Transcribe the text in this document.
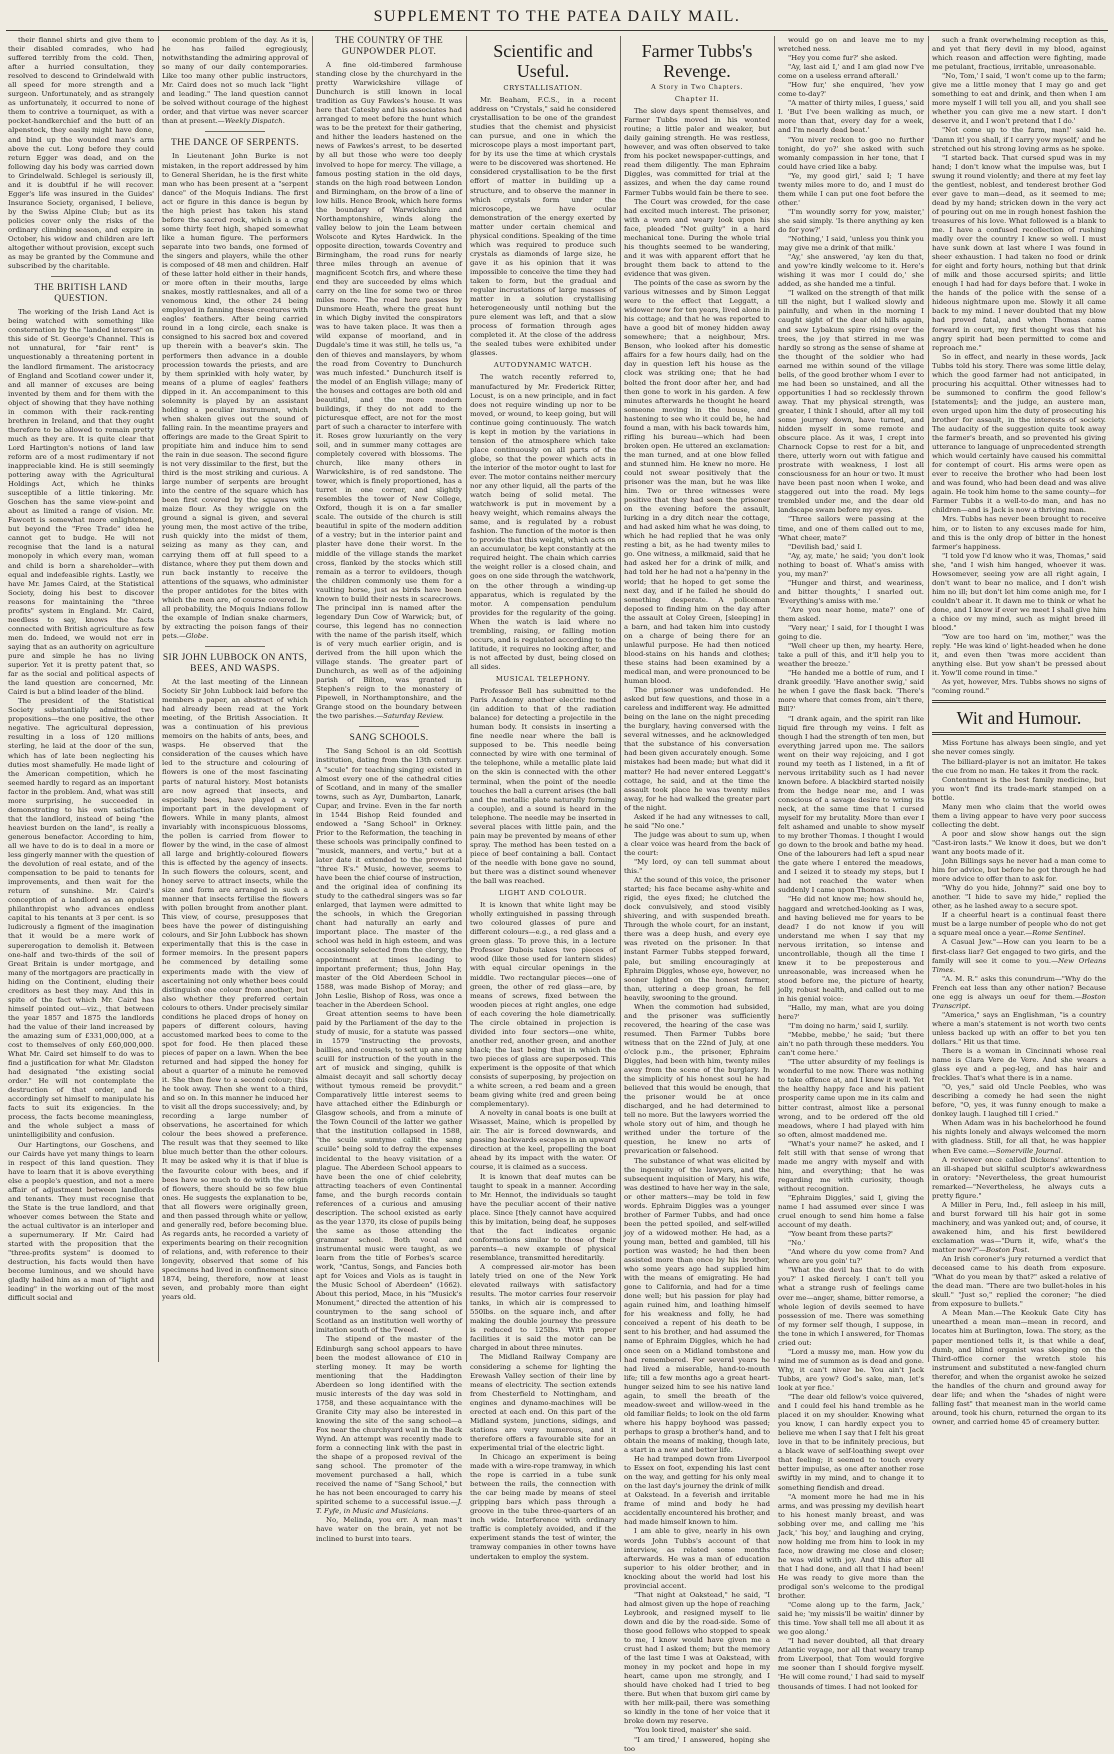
SUPPLEMENT TO THE PATEA DAILY MAIL.

their flannel shirts and give them to their disabled comrades, who had suffered terribly from the cold. Then, after a hurried consultation, they resolved to descend to Grindelwald with all speed for more strength and a surgeon. Unfortunately, and as strangely as unfortunately, it occurred to none of them to contrive a tourniquet, as with a pocket-handkerchief and the butt of an alpenstock, they easily might have done, and bind up the wounded man's arm above the cut. Long before they could return Egger was dead, and on the following day his body was carried down to Grindelwald. Schlegel is seriously ill, and it is doubtful if he will recover. Egger's life was insured in the Guides' Insurance Society, organised, I believe, by the Swiss Alpine Club; but as its policies cover only the risks of the ordinary climbing season, and expire in October, his widow and children are left altogether without provision, except such as may be granted by the Commune and subscribed by the charitable.

THE BRITISH LAND QUESTION.

The working of the Irish Land Act is being watched with something like consternation by the "landed interest" on this side of St. George's Channel. This is not unnatural, for "fair rent" is unquestionably a threatening portent in the landlord firmament. The aristocracy of England and Scotland cower under it, and all manner of excuses are being invented by them and for them with the object of showing that they have nothing in common with their rack-renting brethren in Ireland, and that they ought therefore to be allowed to remain pretty much as they are. It is quite clear that Lord Hartington's notions of land law reform are of a most rudimentary if not inappreciable kind. He is still seemingly pottering away with the Agricultural Holdings Act, which he thinks susceptible of a little tinkering. Mr. Goschen has the same view-point and about as limited a range of vision. Mr. Fawcett is somewhat more enlightened, but beyond the "Free Trade" idea he cannot get to budge. He will not recognise that the land is a natural monopoly in which every man, woman and child is born a shareholder—with equal and indefeasible rights. Lastly, we have Mr. James Caird, at the Statistical Society, doing his best to discover reasons for maintaining the "three profits" system in England. Mr. Caird, needless to say, knows the facts connected with British agriculture as few men do. Indeed, we would not err in saying that as an authority on agriculture pure and simple he has no living superior. Yet it is pretty patent that, so far as the social and political aspects of the land question are concerned, Mr. Caird is but a blind leader of the blind.

The president of the Statistical Society substantially admitted two propositions—the one positive, the other negative. The agricultural depression, resulting in a loss of 120 millions sterling, he laid at the door of the sun, which has of late been neglecting his duties most shamefully. He made light of the American competition, which he seemed hardly to regard as an important factor in the problem. And, what was still more surprising, he succeeded in demonstrating to his own satisfaction that the landlord, instead of being "the heaviest burden on the land", is really a generous benefactor. According to him, all we have to do is to deal in a more or less gingerly manner with the question of the devolution of real estate, and of the compensation to be paid to tenants for improvements, and then wait for the return of sunshine. Mr. Caird's conception of a landlord as an opulent philanthropist who advances endless capital to his tenants at 3 per cent. is so ludicrously a figment of the imagination that it would be a mere work of supererogation to demolish it. Between one-half and two-thirds of the soil of Great Britain is under mortgage, and many of the mortgagors are practically in hiding on the Continent, eluding their creditors as best they may. And this in spite of the fact which Mr. Caird has himself pointed out—viz., that between the year 1857 and 1875 the landlords had the value of their land increased by the amazing sum of £331,000,000, at a cost to themselves of only £60,000,000. What Mr. Caird set himself to do was to find a justification for what Mr. Gladston had designated "the existing social order." He will not contemplate the destruction of that order, and he accordingly set himself to manipulate his facts to suit its exigencies. In the process, the facts become meaningless, and the whole subject a mass of unintelligibility and confusion.

Our Hartingtons, our Goschens, and our Cairds have yet many things to learn in respect of this land question. They have to learn that it is above everything else a people's question, and not a mere affair of adjustment between landlords and tenants. They must recognise that the State is the true landlord, and that whoever comes between the State and the actual cultivator is an interloper and a supernumerary. If Mr. Caird had started with the proposition that the "three-profits system" is doomed to destruction, his facts would then have become luminous, and we should have gladly hailed him as a man of "light and leading" in the working out of the most difficult social and

economic problem of the day. As it is, he has failed egregiously, notwithstanding the admiring approval of so many of our daily contemporaries. Like too many other public instructors, Mr. Caird does not so much lack "light and leading." The land question cannot be solved without courage of the highest order, and that virtue was never scarcer than at present.—Weekly Dispatch.

THE DANCE OF SERPENTS.

In Lieutenant John Burke is not mistaken, in the report addressed by him to General Sheridan, he is the first white man who has been present at a "serpent dance" of the Moquis Indians. The first act or figure in this dance is begun by the high priest has taken his stand before the sacred rock, which is a crag some thirty feet high, shaped somewhat like a human figure. The performers separate into two bands, one formed of the singers and players, while the other is composed of 48 men and children. Half of these latter hold either in their hands, or more often in their mouths, large snakes, mostly rattlesnakes, and all of a venomous kind, the other 24 being employed in fanning these creatures with eagles' feathers. After being carried round in a long circle, each snake is consigned to his sacred box and covered up therein with a beaver's skin. The performers then advance in a double procession towards the priests, and are by them sprinkled with holy water, by means of a plume of eagles' feathers dipped in it. An accompaniment to this solemnity is played by an assistant holding a peculiar instrument, which when shaken gives out the sound of falling rain. In the meantime prayers and offerings are made to the Great Spirit to propitiate him and induce him to send the rain in due season. The second figure is not very dissimilar to the first, but the third is the most striking and curious. A large number of serpents are brought into the centre of the square which has been first covered by the squaws with maize flour. As they wriggle on the ground a signal is given, and several young men, the most active of the tribe, rush quickly into the midst of them, seizing as many as they can, and carrying them off at full speed to a distance, where they put them down and run back instantly to receive the attentions of the squaws, who administer the proper antidotes for the bites with which the men are, of course covered. In all probability, the Moquis Indians follow the example of Indian snake charmers, by extracting the poison fangs of their pets.—Globe.

SIR JOHN LUBBOCK ON ANTS, BEES, AND WASPS.

At the last meeting of the Linnean Society Sir John Lubbock laid before the members a paper, an abstract of which had already been read at the York meeting, of the British Association. It was a continuation of his previous memoirs on the habits of ants, bees, and wasps. He observed that the consideration of the causes which have led to the structure and colouring of flowers is one of the most fascinating parts of natural history. Most botanists are now agreed that insects, and especially bees, have played a very important part in the development of flowers. While in many plants, almost invariably with inconspicuous blossoms, the pollen is carried from flower to flower by the wind, in the case of almost all large and brightly-coloured flowers this is effected by the agency of insects. In such flowers the colours, scent, and honey serve to attract insects, while the size and form are arranged in such a manner that insects fertilise the flowers with pollen brought from another plant. This view, of course, presupposes that bees have the power of distinguishing colours, and Sir John Lubbock has shown experimentally that this is the case in former memoirs. In the present papers he commenced by detailing some experiments made with the view of ascertaining not only whether bees could distinguish one colour from another, but also whether they preferred certain colours to others. Under precisely similar conditions he placed drops of honey on papers of different colours, having accustomed marked bees to come to the spot for food. He then placed these pieces of paper on a lawn. When the bee returned and had sipped the honey for about a quarter of a minute he removed it. She then flew to a second colour; this he took away. Then she went to a third, and so on. In this manner he induced her to visit all the drops successively; and, by recording a large number of observations, he ascertained for which colour the bees showed a preference. The result was that they seemed to like blue much better than the other colours. It may be asked why it is that if blue is the favourite colour with bees, and if bees have so much to do with the origin of flowers, there should be so few blue ones. He suggests the explanation to be, that all flowers were originally green, and then passed through white or yellow, and generally red, before becoming blue. As regards ants, he recorded a variety of experiments bearing on their recognition of relations, and, with reference to their longevity, observed that some of his specimens had lived in confinement since 1874, being, therefore, now at least seven, and probably more than eight years old.

THE COUNTRY OF THE GUNPOWDER PLOT.

A fine old-timbered farmhouse standing close by the churchyard in the pretty Warwickshire village of Dunchurch is still known in local tradition as Guy Fawkes's house. It was here that Catesby and his associates had arranged to meet before the hunt which was to be the pretext for their gathering, and hither the leaders hastened on the news of Fawkes's arrest, to be deserted by all but those who were too deeply involved to hope for mercy. The village, a famous posting station in the old days, stands on the high road between London and Birmingham, on the brow of a line of low hills. Hence Brook, which here forms the boundary of Warwickshire and Northamptonshire, winds along the valley below to join the Leam between Wolscote and Kytes Hardwick. In the opposite direction, towards Coventry and Birmingham, the road runs for nearly three miles through an avenue of magnificent Scotch firs, and where these end they are succeeded by elms which carry on the line for some two or three miles more. The road here passes by Dunsmore Heath, where the great hunt in which Digby invited the conspirators was to have taken place. It was then a wild expanse of moorland, and in Dugdale's time it was still, he tells us, "a den of thieves and manslayers, by whom the road from Coventry to Dunchurch was much infested." Dunchurch itself is the model of an English village; many of the houses and cottages are both old and beautiful, and the more modern buildings, if they do not add to the picturesque effect, are not for the most part of such a character to interfere with it. Roses grow luxuriantly on the very soil, and in summer many cottages are completely covered with blossoms. The church, like many others in Warwickshire, is of red sandstone. The tower, which is finely proportioned, has a turret in one corner, and slightly resembles the tower of New College, Oxford, though it is on a far smaller scale. The outside of the church is still beautiful in spite of the modern addition of a vestry; but in the interior paint and plaster have done their worst. In the middle of the village stands the market cross, flanked by the stocks which still remain as a terror to evildoers, though the children commonly use them for a vaulting horse, just as birds have been known to build their nests in scarecrows. The principal inn is named after the legendary Dun Cow of Warwick; but, of course, this legend has no connection with the name of the parish itself, which is of very much earlier origin, and is derived from the hill upon which the village stands. The greater part of Dunchurch, as well as of the adjoining parish of Bilton, was granted in Stephen's reign to the monastery of Pipewell, in Northamptonshire, and the Grange stood on the boundary between the two parishes.—Saturday Review.

SANG SCHOOLS.

The Sang School is an old Scottish institution, dating from the 13th century. A "scule" for teaching singing existed in almost every one of the cathedral cities of Scotland, and in many of the smaller towns, such as Ayr, Dumbarton, Lanark, Cupar, and Irvine. Even in the far north in 1544 Bishop Reid founded and endowed a "Sang School" in Orkney. Prior to the Reformation, the teaching in these schools was principally confined to "musick, manners, and vertu," but at a later date it extended to the proverbial "three R's." Music, however, seems to have been the chief course of instruction, and the original idea of confining its study to the cathedral singers was so far enlarged, that laymen were admitted to the schools, in which the Gregorian chant had naturally an early and important place. The master of the school was held in high esteem, and was occasionally selected from the clergy, the appointment at times leading to important preferment; thus, John Hay, master of the Old Aberdeen School in 1588, was made Bishop of Moray; and John Leslie, Bishop of Ross, was once a teacher in the Aberdeen School.

Great attention seems to have been paid by the Parliament of the day to the study of music, for a statute was passed in 1579 "instructing the provosts, baillies, and counsels, to sett up ane sang scuill for instruction of the youth in the art of musick and singing, quhilk is almaist decayit and sall schortly decay without tymous remeid be provydit." Comparatively little interest seems to have attached either the Edinburgh or Glasgow schools, and from a minute of the Town Council of the latter we gather that the institution collapsed in 1588, "the scuile sumtyme callit the sang scuile" being sold to defray the expenses incidental to the heavy visitation of a plague. The Aberdeen School appears to have been the one of chief celebrity, attracting teachers of even Continental fame, and the burgh records contain references of a curious and amusing description. The school existed as early as the year 1370, its close of pupils being the same as those attending the grammar school. Both vocal and instrumental music were taught, as we learn from the title of Forbes's scarce work, "Cantus, Songs, and Fancies both apt for Voices and Viols as is taught in the Music School of Aberdeen" (1662). About this period, Mace, in his "Musick's Monument," directed the attention of his countrymen to the sang school of Scotland as an institution well worthy of imitation south of the Tweed.

The stipend of the master of the Edinburgh sang school appears to have been the modest allowance of £10 in sterling money. It may be worth mentioning that the Haddington Aberdeen so long identified with the music interests of the day was sold in 1758, and these acquaintance with the Granite City may also be interested in knowing the site of the sang school—a Fox near the churchyard wall in the Back Wynd. An attempt was recently made to form a connecting link with the past in the shape of a proposed revival of the sang school. The promoter of the movement purchased a hall, which received the name of "Sang School," but he has not been encouraged to carry his spirited scheme to a successful issue.—J. T. Fyfe, in Music and Musicians.

No, Melinda, you err. A man mas't have water on the brain, yet not be inclined to burst into tears.

Scientific and Useful.
CRYSTALLISATION.

Mr. Beaham, F.C.S., in a recent address on "Crystals," said he considered crystallisation to be one of the grandest studies that the chemist and physicist can pursue, and one in which the microscope plays a most important part, for by its use the time at which crystals were to be discovered was shortened. He considered crystallisation to be the first effort of matter in building up a structure, and to observe the manner in which crystals form under the microscope, we have ocular demonstration of the energy exerted by matter under certain chemical and physical conditions. Speaking of the time which was required to produce such crystals as diamonds of large size, he gave it as his opinion that it was impossible to conceive the time they had taken to form, but the gradual and regular incrustations of large masses of matter in a solution crystallising heterogeneously until nothing but the pure element was left, and that a slow process of formation through ages completed it. At the close of the address the sealed tubes were exhibited under glasses.

AUTODYNAMIC WATCH.

The watch recently referred to, manufactured by Mr. Frederick Ritter, Locust, is on a new principle, and in fact does not require winding up nor to be moved, or wound, to keep going, but will continue going continuously. The watch is kept in motion by the variations in tension of the atmosphere which take place continuously on all parts of the globe, so that the power which acts in the interior of the motor ought to last for ever. The motor contains neither mercury nor any other liquid, all the parts of the watch being of solid metal. The watchwork is put in movement by a heavy weight, which remains always the same, and is regulated by a robust fashion. The function of the motor is then to provide that this weight, which acts on an accumulator, be kept constantly at the required height. The chain which carries the weight roller is a closed chain, and goes on one side through the watchwork, on the other through a winding-up apparatus, which is regulated by the motor. A compensation pendulum provides for the regularity of the going. When the watch is laid where no trembling, raising, or falling motion occurs, and is regulated according to the latitude, it requires no looking after, and is not affected by dust, being closed on all sides.

MUSICAL TELEPHONY.

Professor Bell has submitted to the Paris Academy another electric method (in addition to that of the radiation balance) for detecting a projectile in the human body. It consists in inserting a fine needle near where the ball is supposed to be. This needle being connected by wire with one terminal of the telephone, while a metallic plate laid on the skin is connected with the other terminal, when the point of the needle touches the ball a current arises (the ball and the metallic plate naturally forming a couple), and a sound is heard in the telephone. The needle may be inserted in several places with little pain, and the pain may be prevented by means of ether spray. The method has been tested on a piece of beef containing a ball. Contact of the needle with bone gave no sound, but there was a distinct sound whenever the ball was reached.

LIGHT AND COLOUR.

It is known that white light may be wholly extinguished in passing through two coloured glasses of pure and different colours—e.g., a red glass and a green glass. To prove this, in a lecture Professor Dubois takes two pieces of wood (like those used for lantern slides) with equal circular openings in the middle. Two rectangular pieces—one of green, the other of red glass—are, by means of screws, fixed between the wooden pieces at right angles, one edge of each covering the hole diametrically. The circle obtained in projection is divided into four sectors—one white, another red, another green, and another black; the last being that in which the two pieces of glass are superposed. This experiment is the opposite of that which consists of superposing, by projection on a white screen, a red beam and a green beam giving white (red and green being complementary).

A novelty in canal boats is one built at Wisasset, Maine, which is propelled by air. The air is forced downwards, and passing backwards escapes in an upward direction at the keel, propelling the boat ahead by its impact with the water. Of course, it is claimed as a success.

It is known that deaf mutes can be taught to speak in a manner. According to Mr. Hennot, the individuals so taught have the peculiar accent of their native place. Since [the]y cannot have acquired this by imitation, being deaf, he supposes that the fact indicates organic conformations similar to those of their parents—a new example of physical resemblance, transmitted hereditarily.

A compressed air-motor has been lately tried on one of the New York elevated railways with satisfactory results. The motor carries four reservoir tanks, in which air is compressed to 550lbs. on the square inch, and after making the double journey the pressure is reduced to 125lbs. With proper facilities it is said the motor can be charged in about three minutes.

The Midland Railway Company are considering a scheme for lighting the Erewash Valley section of their line by means of electricity. The section extends from Chesterfield to Nottingham, and engines and dynamo-machines will be erected at each end. On this part of the Midland system, junctions, sidings, and stations are very numerous, and it therefore offers a favourable site for an experimental trial of the electric light.

In Chicago an experiment is being made with a wire-rope tramway, in which the rope is carried in a tube sunk between the rails, the connection with the car being made by means of steel gripping bars which pass through a groove in the tube three-quarters of an inch wide. Interference with ordinary traffic is completely avoided, and if the experiment stands the test of winter, the tramway companies in other towns have undertaken to employ the system.

Farmer Tubbs's Revenge.
A Story in Two Chapters.
Chapter II.

The slow days spent themselves, and Farmer Tubbs moved in his wonted routine; a little paler and weaker, but daily gaining strength. He was restless, however, and was often observed to take from his pocket newspaper-cuttings, and read them diligently. The man Ephraim Diggles, was committed for trial at the assizes, and when the day came round Farmer Tubbs would fain be there to see.

The Court was crowded, for the case had excited much interest. The prisoner, with a worn and weary look upon his face, pleaded "Not guilty" in a hard mechanical tone. During the whole trial his thoughts seemed to be wandering, and it was with apparent effort that he brought them back to attend to the evidence that was given.

The points of the case as sworn by the various witnesses and by Simon Leggat were to the effect that Leggatt, a widower now for ten years, lived alone in his cottage; and that he was reported to have a good bit of money hidden away somewhere; that a neighbour, Mrs. Benson, who looked after his domestic affairs for a few hours daily, had on the day in question left his house as the clock was striking one; that he had bolted the front door after her, and had then gone to work in his garden. A few minutes afterwards he thought he heard someone moving in the house, and hastening to see who it could be, he had found a man, with his back towards him, rifling his bureau—which had been broken open. He uttered an exclamation: the man turned, and at one blow felled and stunned him. He knew no more. He could not swear positively that the prisoner was the man, but he was like him. Two or three witnesses were positive that they had seen the prisoner on the evening before the assault, lurking in a dry ditch near the cottage, and had asked him what he was doing, to which he had replied that he was only resting a bit, as he had twenty miles to go. One witness, a milkmaid, said that he had asked her for a drink of milk, and had told her he had not a ha'penny in the world; that he hoped to get some the next day, and if he failed he should do something desperate. A policeman deposed to finding him on the day after the assault at Coley Green, [sleeping] in a barn, and had taken him into custody on a charge of being there for an unlawful purpose. He had then noticed blood-stains on his hands and clothes; these stains had been examined by a medical man, and were pronounced to be human blood.

The prisoner was undefended. He asked but few questions, and those in a careless and indifferent way. He admitted being on the lane on the night preceding the burglary, having conversed with the several witnesses, and he acknowledged that the substance of his conversation had been given accurately enough. Some mistakes had been made; but what did it matter? He had never entered Leggatt's cottage, he said, and at the time the assault took place he was twenty miles away, for he had walked the greater part of the night.

Asked if he had any witnesses to call, he said "No one."

The judge was about to sum up, when a clear voice was heard from the back of the court:

"My lord, oy can tell summat about this."

At the sound of this voice, the prisoner started; his face became ashy-white and rigid, the eyes fixed; he clutched the dock convulsively, and stood visibly shivering, and with suspended breath. Through the whole court, for an instant, there was a deep hush, and every eye was riveted on the prisoner. In that instant Farmer Tubbs stepped forward, pale, but smiling encouragingly at Ephraim Diggles, whose eye, however, no sooner lighted on the honest farmer, than, uttering a deep groan, he fell heavily, swooning to the ground.

When the commotion had subsided, and the prisoner was sufficiently recovered, the hearing of the case was resumed. Then Farmer Tubbs bore witness that on the 22nd of July, at one o'clock p.m., the prisoner, Ephraim Diggles, had been with him, twenty miles away from the scene of the burglary. In the simplicity of his honest soul he had believed that this would be enough, that the prisoner would be at once discharged, and he had determined to tell no more. But the lawyers worried the whole story out of him, and though he writhed under the torture of the question, he knew no arts of prevarication or falsehood.

The substance of what was elicited by the ingenuity of the lawyers, and the subsequent inquisition of Mary, his wife, was destined to have her way in the sale, or other matters—may be told in few words. Ephraim Diggles was a younger brother of Farmer Tubbs, and had once been the petted spoiled, and self-willed joy of a widowed mother. He had, as a young man, betted and gambled, till his portion was wasted; he had then been assisted more than once by his brother, who some years ago had supplied him with the means of emigrating. He had gone to California, and had for a time done well; but his passion for play had again ruined him, and loathing himself for his weakness and folly, he had conceived a repent of his death to be sent to his brother, and had assumed the name of Ephraim Diggles, which he had once seen on a Midland tombstone and had remembered. For several years he had lived a miserable, hand-to-mouth life; till a few months ago a great heart-hunger seized him to see his native land again, to smell the breath of the meadow-sweet and willow-weed in the old familiar fields; to look on the old farm where his happy boyhood was passed; perhaps to grasp a brother's hand, and to obtain the means of making, though late, a start in a new and better life.

He had tramped down from Liverpool to Essex on foot, expending his last cent on the way, and getting for his only meal on the last day's journey the drink of milk at Oakstead. In a feverish and irritable frame of mind and body he had accidentally encountered his brother, and had made himself known to him.

I am able to give, nearly in his own words John Tubbs's account of that interview, as related some months afterwards. He was a man of education superior to his older brother, and in knocking about the world had lost his provincial accent.

"That night at Oakstead," he said, "I had almost given up the hope of reaching Leybrook, and resigned myself to lie down and die by the road-side. Some of those good fellows who stopped to speak to me, I know would have given me a crust had I asked them; but the memory of the last time I was at Oakstead, with money in my pocket and hope in my heart, came upon me strongly, and I should have choked had I tried to beg there. But when that buxom girl came by with her milk-pail, there was something so kindly in the tone of her voice that it broke down my reserve.

"You look tired, maister' she said.

"I am tired,' I answered, hoping she too

would go on and leave me to my wretched ness.

"Hey you come fur?' she asked.

"Ay, last aid I,' and I am glad now I've come on a useless errand afterall.'

"How fur,' she enquired, 'hev yow come to-day?'

"A matter of thirty miles, I guess,' said I. 'But I've been walking as much, or more than that, every day for a week, and I'm nearly dead beat.'

"You niver reckon to goo no further tonight, do yo?' she asked with such womanly compassion in her tone, that I could have cried like a baby.

"Ye, my good girl,' said I; 'I have twenty miles more to do, and I must do them while I can put one foot before the other.'

"I'm woundly sorry for yow, maister,' she said simply. 'Is there anything ay ken do for yow?'

"Nothing,' I said, 'unless you think you may give me a drink of that milk.'

"Ay,' she answered, 'ay ken du that, and yow're kindly welcome to it. Here's wishing it was mor I could do,' she added, as she handed me a tinful.

"I walked on the strength of that milk till the night, but I walked slowly and painfully, and when in the morning I caught sight of the dear old hills again, and saw Lybakum spire rising over the trees, the joy that stirred in me was hardly so strong as the sense of shame at the thought of the soldier who had earned me within sound of the village bells, of the good brother whom I ever to me had been so unstained, and all the opportunities I had so recklessly thrown away. That my physical strength, was greater, I think I should, after all my toil some journey down, have turned, and hidden myself in some remote and obscure place. As it was, I crept into Charnock Copse to rest for a bit, and there, utterly worn out with fatigue and prostrate with weakness, I lost all consciousness for an hour or two. It must have been past noon when I woke, and staggered out into the road. My legs trembled under me, and the dear old landscape swam before my eyes.

"Three sailors were passing at the time, and one of them called out to me, 'What cheer, mate?'

"Devilish bad,' said I.

"Ay, ay, mate,' he said; 'you don't look nothing to boast of. What's amiss with you, my man?'

"Hunger and thirst, and weariness, and bitter thoughts,' I snarled out. 'Everything's amiss with me.'

"Are you near home, mate?' one of them asked.

"Very near,' I said, for I thought I was going to die.

"Well cheer up then, my hearty. Here, take a pull of this, and it'll help you to weather the breeze.'

"He handed me a bottle of rum, and I drank greedily. 'Have another swig,' said he when I gave the flask back. 'There's more where that comes from, ain't there, Bill?'

"I drank again, and the spirit ran like liquid fire through my veins. I felt as though I had the strength of ten men, but everything jarred upon me. The sailors went on their way rejoicing, and I got round my teeth as I listened, in a fit of nervous irritability such as I had never known before. A blackbird started noisily from the hedge near me, and I was conscious of a savage desire to wring its neck, at the same time that I cursed myself for my brutality. More than ever I felt ashamed and unable to show myself to my brother Thomas. I thought I would go down to the brook and bathe my head. One of the labourers had left a spud near the gate where I entered the meadows, and I seized it to steady my steps, but I had not reached the water when suddenly I came upon Thomas.

"He did not know me; how should he, haggard and wretched-looking as I was, and having believed me for years to be dead? I do not know if you will understand me when I say that my nervous irritation, so intense and uncontrollable, though all the time I knew it to be preposterous and unreasonable, was increased when he stood before me, the picture of hearty, jolly, robust health, and called out to me in his genial voice:

"Hallo, my man, what are you doing here?'

"I'm doing no harm,' said I, surlily.

"Mebbe, mebbe,' he said; 'but there ain't no path through these medders. You can't come here.'

"The utter absurdity of my feelings is wonderful to me now. There was nothing to take offence at, and I knew it well. Yet the healthy happy face and his patient prosperity came upon me in its calm and bitter contrast, almost like a personal wrong, and to be ordered off the old meadows, where I had played with him so often, almost maddened me.

"What's your name?' he asked, and I felt still with that sense of wrong that made me angry with myself and with him, and everything; that he was regarding me with curiosity, though without recognition.

"Ephraim Diggles,' said I, giving the name I had assumed ever since I was cruel enough to send him home a false account of my death.

"Yow beant from these parts?'

"No.'

"And where du yow come from? And where are you goin' tu?'

"What the devil has that to do with you?' I asked fiercely. I can't tell you what a strange rush of feelings came over me—anger, shame, bitter remorse, a whole legion of devils seemed to have possession of me. There was something of my former self though, I suppose, in the tone in which I answered, for Thomas cried out:

"Lord a mussy me, man. How yow du mind me of summon as is dead and gone. Why, it can't niver be. You ain't Jack Tubbs, are yow? God's sake, man, let's look at yer fice.'

"The dear old fellow's voice quivered, and I could feel his hand tremble as he placed it on my shoulder. Knowing what you know, I can hardly expect you to believe me when I say that I felt his great love in that to be infinitely precious, but a black wave of self-loathing swept over that feeling; it seemed to touch every better impulse, as one after another rose swiftly in my mind, and to change it to something fiendish and dread.

"A moment more he had me in his arms, and was pressing my devilish heart to his honest manly breast, and was sobbing over me, and calling me 'his Jack,' 'his boy,' and laughing and crying, now holding me from him to look in my face, now drawing me close and closer; he was wild with joy. And this after all that I had done, and all that I had been! He was ready to give more than the prodigal son's welcome to the prodigal brother.

"Come along up to the farm, Jack,' said he; 'my missis'll be waitin' dinner by this time. Yow shall tell me all about it as we goo along.'

"I had never doubted, all that dreary Atlantic voyage, nor all that weary tramp from Liverpool, that Tom would forgive me sooner than I should forgive myself. 'He will come round,' I had said to myself thousands of times. I had not looked for

such a frank overwhelming reception as this, and yet that fiery devil in my blood, against which reason and affection were fighting, made me petulant, fractious, irritable, unreasonable.

"No, Tom,' I said, 'I won't come up to the farm; give me a little money that I may go and get something to eat and drink, and then when I am more myself I will tell you all, and you shall see whether you can give me a new start. I don't deserve it, and I won't pretend that I do.'

"Not come up to the farm, man!' said he. 'Damn it! you shall, if I carry yow myself,' and he stretched out his strong loving arms as he spoke.

"I started back. That cursed spud was in my hand; I don't know what the impulse was, but I swung it round violently; and there at my feet lay the gentlest, noblest, and tenderest brother God ever gave to man—dead, as it seemed to me; dead by my hand; stricken down in the very act of pouring out on me in rough honest fashion the treasures of his love. What followed is a blank to me. I have a confused recollection of rushing madly over the country I knew so well. I must have sunk down at last where I was found in sheer exhaustion. I had taken no food or drink for eight and forty hours, nothing but that drink of milk and those accursed spirits; and little enough I had had for days before that. I woke in the hands of the police with the sense of a hideous nightmare upon me. Slowly it all came back to my mind. I never doubted that my blow had proved fatal, and when Thomas came forward in court, my first thought was that his angry spirit had been permitted to come and reproach me."

So in effect, and nearly in these words, Jack Tubbs told his story. There was some little delay, which the good farmer had not anticipated, in procuring his acquittal. Other witnesses had to be summoned to confirm the good fellow's [statements]; and the judge, an austere man, even urged upon him the duty of prosecuting his brother for assault, in the interests of society. The audacity of the suggestion quite took away the farmer's breath, and so prevented his giving utterance to language of unprecedented strength which would certainly have caused his committal for contempt of court. His arms were open as ever to receive the brother who had been lost and was found, who had been dead and was alive again. He took him home to the same county—for Farmer Tubbs it a well-to-do man, and has no children—and is Jack is now a thriving man.

Mrs. Tubbs has never been brought to receive him, or to listen to any excuses made for him, and this is the only drop of bitter in the honest farmer's happiness.

"I told yow I'd know who it was, Thomas," said she, "and I wish him hanged, whoever it was. Howsomever, seeing yow are all right again, I don't want to bear no malice, and I don't wish him no ill; but don't let him come anigh me, for I couldn't abear it. It dawn me to think or what he done, and I know if ever we meet I shall give him a chice ov my mind, such as might breed ill blood."

"Yow are too hard on 'im, mother," was the reply. "He was kind o' light-headed when he done it, and even then 'twas more accident than anything else. But yow shan't be pressed about it. Yow'll come round in time."

As yet, however, Mrs. Tubbs shows no signs of "coming round."

Wit and Humour.

Miss Fortune has always been single, and yet she never comes singly.

The billiard-player is not an imitator. He takes the cue from no man. He takes it from the rack.

Contentment is the best family medicine, but you won't find its trade-mark stamped on a bottle.

Many men who claim that the world owes them a living appear to have very poor success collecting the debt.

A poor and slow show hangs out the sign "Cast-iron lasts." We know it does, but we don't want any boots made of it.

John Billings says he never had a man come to him for advice, but before he got through he had more advice to offer than to ask for.

"Why do you hide, Johnny?" said one boy to another. "I hide to save my hide," replied the other, as he lashed away to a secure spot.

If a cheerful heart is a continual feast there must be a large number of people who do not get a square meal once a year.—Rome Sentinel.

A Casual Jew."—How can you learn to be a first-class liar? Get engaged to two girls, and the family will see it come to you.—New Orleans Times.

"A. M. R." asks this conundrum—"Why do the French eat less than any other nation? Because one egg is always un oeuf for them.—Boston Transcript.

"America," says an Englishman, "is a country where a man's statement is not worth two cents unless backed up with an offer to bet you ten dollars." Hit us that time.

There is a woman in Cincinnati whose real name is Clara Vere de Vere. And she wears a glass eye and a peg-leg, and has hair and freckles. That's what there is in a name.

"O, yes," said old Uncle Peebles, who was describing a comedy he had seen the night before, "O, yes, it was funny enough to make a donkey laugh. I laughed till I cried."

When Adam was in his bachelorhood he found his nights lonely and always welcomed the morn with gladness. Still, for all that, he was happier when Eve came.—Somerville Journal.

A reviewer once called Dickens' attention to an ill-shaped but skilful sculptor's awkwardness in oratory: "Nevertheless, the great humourist remarked—"Nevertheless, he always cuts a pretty figure."

A Miller in Peru, Ind., fell asleep in his mill, and burst forward till his hair got in some machinery, and was yanked out; and, of course, it awakened him, and his first bewildered exclamation was—"Durn it, wife, what's the matter now?"—Boston Post.

An Irish coroner's jury returned a verdict that deceased came to his death from exposure. "What do you mean by that?" asked a relative of the dead man. "There are two bullet-holes in his skull." "Just so," replied the coroner; "he died from exposure to bullets."

A Mean Man.—The Keokuk Gate City has unearthed a mean man—mean in record, and locates him at Burlington, Iowa. The story, as the paper mentioned tells it, is that while a deaf, dumb, and blind organist was sleeping on the Third-office corner the wretch stole his instrument and substituted a new-fangled churn therefor, and when the organist awoke he seized the handles of the churn and ground away for dear life; and when the "shades of night were falling fast" that meanest man in the world came around, took his churn, returned the organ to its owner, and carried home 45 of creamery butter.
